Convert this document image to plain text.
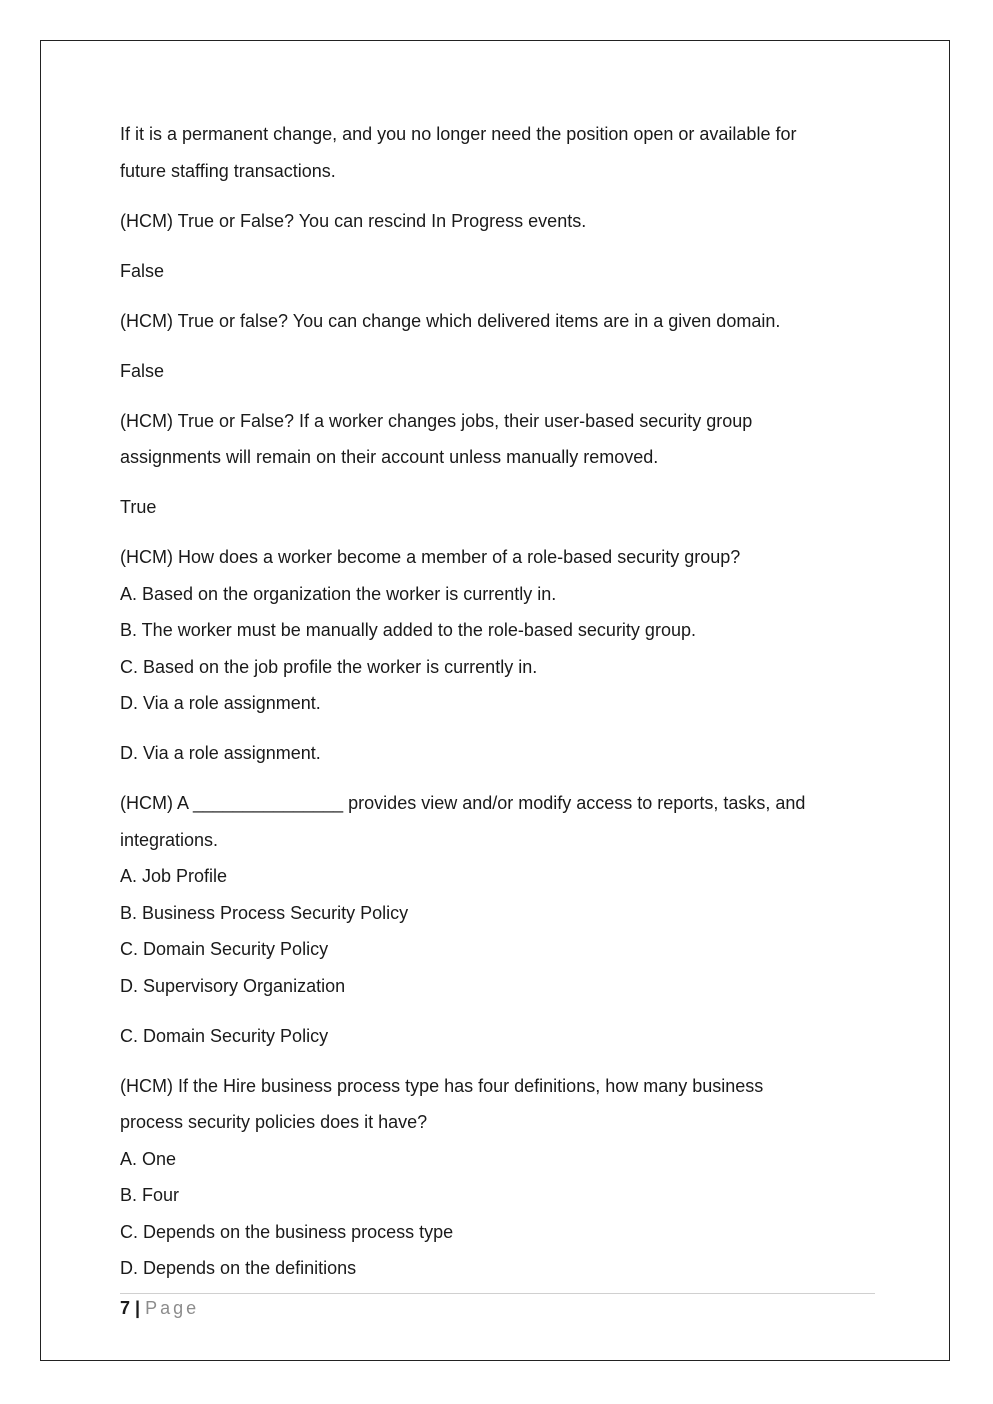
If it is a permanent change, and you no longer need the position open or available for

future staffing transactions.

(HCM) True or False? You can rescind In Progress events.

False

(HCM) True or false? You can change which delivered items are in a given domain.

False

(HCM) True or False? If a worker changes jobs, their user-based security group

assignments will remain on their account unless manually removed.

True

(HCM) How does a worker become a member of a role-based security group?

A. Based on the organization the worker is currently in.

B. The worker must be manually added to the role-based security group.

C. Based on the job profile the worker is currently in.

D. Via a role assignment.

D. Via a role assignment.

(HCM) A _______________ provides view and/or modify access to reports, tasks, and

integrations.

A. Job Profile

B. Business Process Security Policy

C. Domain Security Policy

D. Supervisory Organization

C. Domain Security Policy

(HCM) If the Hire business process type has four definitions, how many business

process security policies does it have?

A. One

B. Four

C. Depends on the business process type

D. Depends on the definitions

7 | Page
